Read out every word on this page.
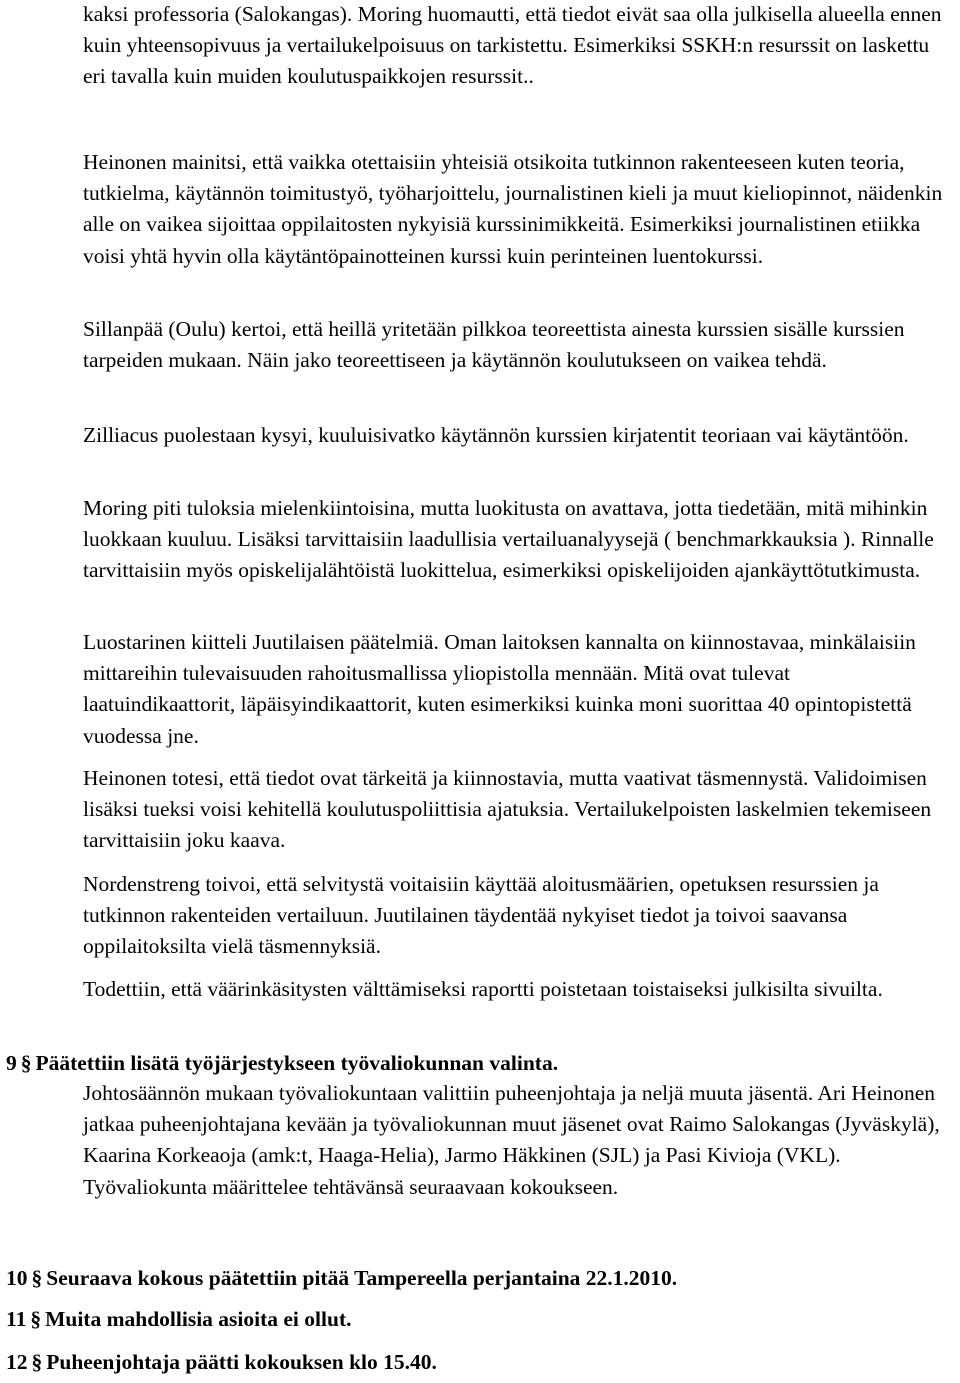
kaksi professoria (Salokangas). Moring huomautti, että tiedot eivät saa olla julkisella alueella ennen kuin yhteensopivuus ja vertailukelpoisuus on tarkistettu. Esimerkiksi SSKH:n resurssit on laskettu eri tavalla kuin muiden koulutuspaikkojen resurssit..

Heinonen mainitsi, että vaikka otettaisiin yhteisiä otsikoita tutkinnon rakenteeseen kuten teoria, tutkielma, käytännön toimitustyö, työharjoittelu, journalistinen kieli ja muut kieliopinnot, näidenkin alle on vaikea sijoittaa oppilaitosten nykyisiä kurssinimikkeitä. Esimerkiksi journalistinen etiikka voisi yhtä hyvin olla käytäntöpainotteinen kurssi kuin perinteinen luentokurssi.

Sillanpää (Oulu) kertoi, että heillä yritetään pilkkoa teoreettista ainesta kurssien sisälle kurssien tarpeiden mukaan. Näin jako teoreettiseen ja käytännön koulutukseen on vaikea tehdä.

Zilliacus puolestaan kysyi, kuuluisivatko käytännön kurssien kirjatentit teoriaan vai käytäntöön.

Moring piti tuloksia mielenkiintoisina, mutta luokitusta on avattava, jotta tiedetään, mitä mihinkin luokkaan kuuluu. Lisäksi tarvittaisiin laadullisia vertailuanalyysejä ( benchmarkkauksia ). Rinnalle tarvittaisiin myös opiskelijalähtöistä luokittelua, esimerkiksi opiskelijoiden ajankäyttötutkimusta.

Luostarinen kiitteli Juutilaisen päätelmiä. Oman laitoksen kannalta on kiinnostavaa, minkälaisiin mittareihin tulevaisuuden rahoitusmallissa yliopistolla mennään. Mitä ovat tulevat laatuindikaattorit, läpäisyindikaattorit, kuten esimerkiksi kuinka moni suorittaa 40 opintopistettä vuodessa jne.

Heinonen totesi, että tiedot ovat tärkeitä ja kiinnostavia, mutta vaativat täsmennystä. Validoimisen lisäksi tueksi voisi kehitellä koulutuspoliittisia ajatuksia. Vertailukelpoisten laskelmien tekemiseen tarvittaisiin joku kaava.

Nordenstreng toivoi, että selvitystä voitaisiin käyttää aloitusmäärien, opetuksen resurssien ja tutkinnon rakenteiden vertailuun. Juutilainen täydentää nykyiset tiedot ja toivoi saavansa oppilaitoksilta vielä täsmennyksiä.

Todettiin, että väärinkäsitysten välttämiseksi raportti poistetaan toistaiseksi julkisilta sivuilta.

9 § Päätettiin lisätä työjärjestykseen työvaliokunnan valinta.

Johtosäännön mukaan työvaliokuntaan valittiin puheenjohtaja ja neljä muuta jäsentä. Ari Heinonen jatkaa puheenjohtajana kevään ja työvaliokunnan muut jäsenet ovat Raimo Salokangas (Jyväskylä), Kaarina Korkeaoja (amk:t, Haaga-Helia), Jarmo Häkkinen (SJL) ja Pasi Kivioja (VKL). Työvaliokunta määrittelee tehtävänsä seuraavaan kokoukseen.

10 § Seuraava kokous päätettiin pitää Tampereella perjantaina 22.1.2010.
11 § Muita mahdollisia asioita ei ollut.
12 § Puheenjohtaja päätti kokouksen klo 15.40.
